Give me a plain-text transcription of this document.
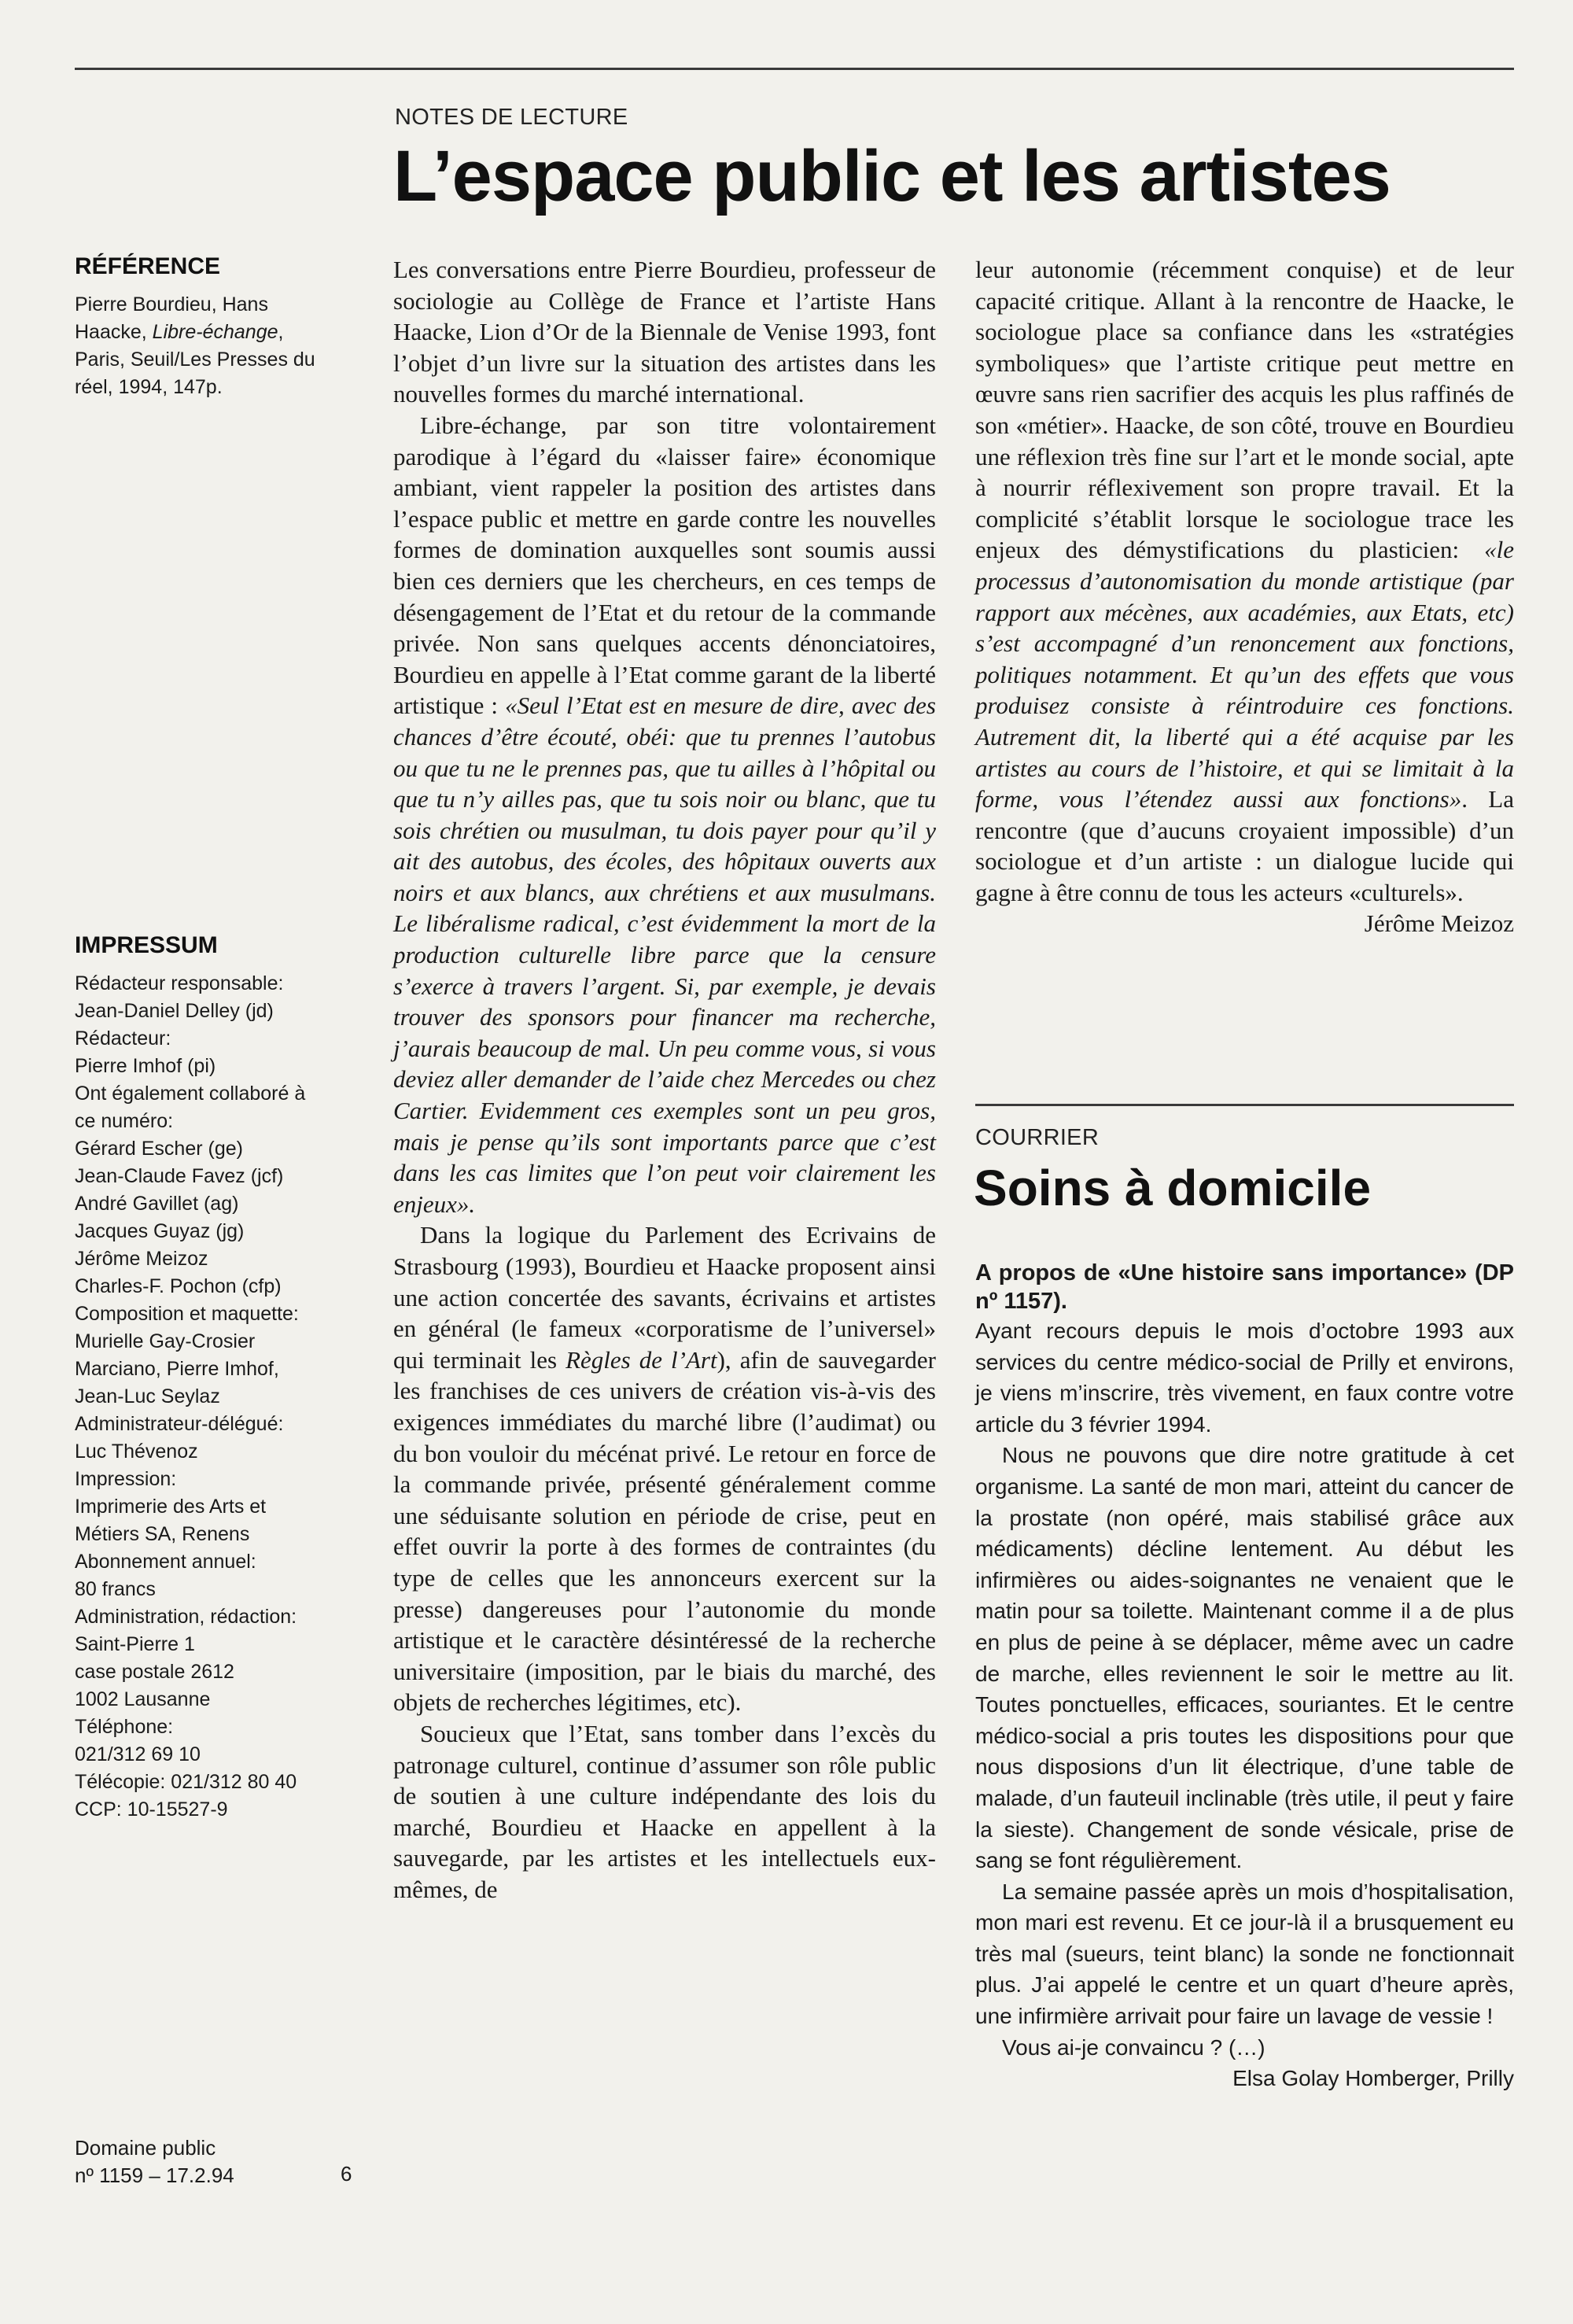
NOTES DE LECTURE
L’espace public et les artistes
RÉFÉRENCE
Pierre Bourdieu, Hans
Haacke, Libre-échange,
Paris, Seuil/Les Presses du
réel, 1994, 147p.
IMPRESSUM
Rédacteur responsable:
Jean-Daniel Delley (jd)
Rédacteur:
Pierre Imhof (pi)
Ont également collaboré à
ce numéro:
Gérard Escher (ge)
Jean-Claude Favez (jcf)
André Gavillet (ag)
Jacques Guyaz (jg)
Jérôme Meizoz
Charles-F. Pochon (cfp)
Composition et maquette:
Murielle Gay-Crosier
Marciano, Pierre Imhof,
Jean-Luc Seylaz
Administrateur-délégué:
Luc Thévenoz
Impression:
Imprimerie des Arts et
Métiers SA, Renens
Abonnement annuel:
80 francs
Administration, rédaction:
Saint-Pierre 1
case postale 2612
1002 Lausanne
Téléphone:
021/312 69 10
Télécopie: 021/312 80 40
CCP: 10-15527-9
Domaine public
nº 1159 – 17.2.94	6

Les conversations entre Pierre Bourdieu, professeur de sociologie au Collège de France et l’artiste Hans Haacke, Lion d’Or de la Biennale de Venise 1993, font l’objet d’un livre sur la situation des artistes dans les nouvelles formes du marché international.

Libre-échange, par son titre volontairement parodique à l’égard du «laisser faire» économique ambiant, vient rappeler la position des artistes dans l’espace public et mettre en garde contre les nouvelles formes de domination auxquelles sont soumis aussi bien ces derniers que les chercheurs, en ces temps de désengagement de l’Etat et du retour de la commande privée. Non sans quelques accents dénonciatoires, Bourdieu en appelle à l’Etat comme garant de la liberté artistique : «Seul l’Etat est en mesure de dire, avec des chances d’être écouté, obéi: que tu prennes l’autobus ou que tu ne le prennes pas, que tu ailles à l’hôpital ou que tu n’y ailles pas, que tu sois noir ou blanc, que tu sois chrétien ou musulman, tu dois payer pour qu’il y ait des autobus, des écoles, des hôpitaux ouverts aux noirs et aux blancs, aux chrétiens et aux musulmans. Le libéralisme radical, c’est évidemment la mort de la production culturelle libre parce que la censure s’exerce à travers l’argent. Si, par exemple, je devais trouver des sponsors pour financer ma recherche, j’aurais beaucoup de mal. Un peu comme vous, si vous deviez aller demander de l’aide chez Mercedes ou chez Cartier. Evidemment ces exemples sont un peu gros, mais je pense qu’ils sont importants parce que c’est dans les cas limites que l’on peut voir clairement les enjeux».

Dans la logique du Parlement des Ecrivains de Strasbourg (1993), Bourdieu et Haacke proposent ainsi une action concertée des savants, écrivains et artistes en général (le fameux «corporatisme de l’universel» qui terminait les Règles de l’Art), afin de sauvegarder les franchises de ces univers de création vis-à-vis des exigences immédiates du marché libre (l’audimat) ou du bon vouloir du mécénat privé. Le retour en force de la commande privée, présenté généralement comme une séduisante solution en période de crise, peut en effet ouvrir la porte à des formes de contraintes (du type de celles que les annonceurs exercent sur la presse) dangereuses pour l’autonomie du monde artistique et le caractère désintéressé de la recherche universitaire (imposition, par le biais du marché, des objets de recherches légitimes, etc).

Soucieux que l’Etat, sans tomber dans l’excès du patronage culturel, continue d’assumer son rôle public de soutien à une culture indépendante des lois du marché, Bourdieu et Haacke en appellent à la sauvegarde, par les artistes et les intellectuels eux-mêmes, de

leur autonomie (récemment conquise) et de leur capacité critique. Allant à la rencontre de Haacke, le sociologue place sa confiance dans les «stratégies symboliques» que l’artiste critique peut mettre en œuvre sans rien sacrifier des acquis les plus raffinés de son «métier». Haacke, de son côté, trouve en Bourdieu une réflexion très fine sur l’art et le monde social, apte à nourrir réflexivement son propre travail. Et la complicité s’établit lorsque le sociologue trace les enjeux des démystifications du plasticien: «le processus d’autonomisation du monde artistique (par rapport aux mécènes, aux académies, aux Etats, etc) s’est accompagné d’un renoncement aux fonctions, politiques notamment. Et qu’un des effets que vous produisez consiste à réintroduire ces fonctions. Autrement dit, la liberté qui a été acquise par les artistes au cours de l’histoire, et qui se limitait à la forme, vous l’étendez aussi aux fonctions». La rencontre (que d’aucuns croyaient impossible) d’un sociologue et d’un artiste : un dialogue lucide qui gagne à être connu de tous les acteurs «culturels».

Jérôme Meizoz

COURRIER
Soins à domicile

A propos de «Une histoire sans importance» (DP nº 1157).

Ayant recours depuis le mois d’octobre 1993 aux services du centre médico-social de Prilly et environs, je viens m’inscrire, très vivement, en faux contre votre article du 3 février 1994.

Nous ne pouvons que dire notre gratitude à cet organisme. La santé de mon mari, atteint du cancer de la prostate (non opéré, mais stabilisé grâce aux médicaments) décline lentement. Au début les infirmières ou aides-soignantes ne venaient que le matin pour sa toilette. Maintenant comme il a de plus en plus de peine à se déplacer, même avec un cadre de marche, elles reviennent le soir le mettre au lit. Toutes ponctuelles, efficaces, souriantes. Et le centre médico-social a pris toutes les dispositions pour que nous disposions d’un lit électrique, d’une table de malade, d’un fauteuil inclinable (très utile, il peut y faire la sieste). Changement de sonde vésicale, prise de sang se font régulièrement.

La semaine passée après un mois d’hospitalisation, mon mari est revenu. Et ce jour-là il a brusquement eu très mal (sueurs, teint blanc) la sonde ne fonctionnait plus. J’ai appelé le centre et un quart d’heure après, une infirmière arrivait pour faire un lavage de vessie !

Vous ai-je convaincu ? (…)

Elsa Golay Homberger, Prilly
